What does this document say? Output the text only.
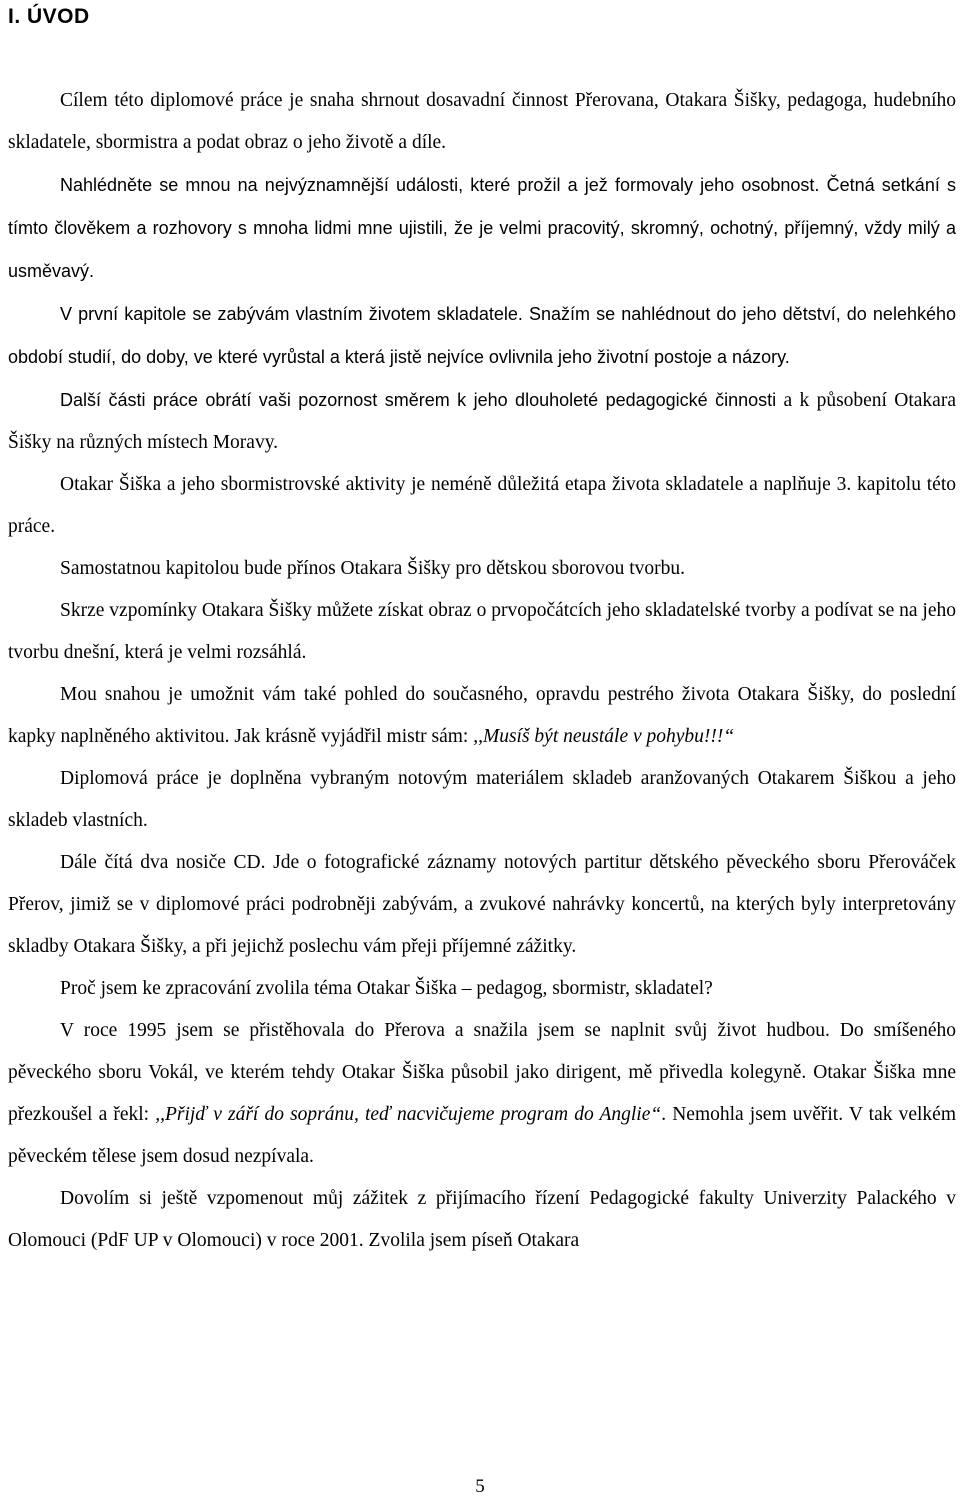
I. ÚVOD

Cílem této diplomové práce je snaha shrnout dosavadní činnost Přerovana, Otakara Šišky, pedagoga, hudebního skladatele, sbormistra a podat obraz o jeho životě a díle.

Nahlédněte se mnou na nejvýznamnější události, které prožil a jež formovaly jeho osobnost. Četná setkání s tímto člověkem a rozhovory s mnoha lidmi mne ujistili, že je velmi pracovitý, skromný, ochotný, příjemný, vždy milý a usměvavý.

V první kapitole se zabývám vlastním životem skladatele. Snažím se nahlédnout do jeho dětství, do nelehkého období studií, do doby, ve které vyrůstal a která jistě nejvíce ovlivnila jeho životní postoje a názory.

Další části práce obrátí vaši pozornost směrem k jeho dlouholeté pedagogické činnosti a k působení Otakara Šišky na různých místech Moravy.

Otakar Šiška a jeho sbormistrovské aktivity je neméně důležitá etapa života skladatele a naplňuje 3. kapitolu této práce.

Samostatnou kapitolou bude přínos Otakara Šišky pro dětskou sborovou tvorbu.

Skrze vzpomínky Otakara Šišky můžete získat obraz o prvopočátcích jeho skladatelské tvorby a podívat se na jeho tvorbu dnešní, která je velmi rozsáhlá.

Mou snahou je umožnit vám také pohled do současného, opravdu pestrého života Otakara Šišky, do poslední kapky naplněného aktivitou. Jak krásně vyjádřil mistr sám: ,,Musíš být neustále v pohybu!!!“

Diplomová práce je doplněna vybraným notovým materiálem skladeb aranžovaných Otakarem Šiškou a jeho skladeb vlastních.

Dále čítá dva nosiče CD. Jde o fotografické záznamy notových partitur dětského pěveckého sboru Přerováček Přerov, jimiž se v diplomové práci podrobněji zabývám, a zvukové nahrávky koncertů, na kterých byly interpretovány skladby Otakara Šišky, a při jejichž poslechu vám přeji příjemné zážitky.

Proč jsem ke zpracování zvolila téma Otakar Šiška – pedagog, sbormistr, skladatel?

V roce 1995 jsem se přistěhovala do Přerova a snažila jsem se naplnit svůj život hudbou. Do smíšeného pěveckého sboru Vokál, ve kterém tehdy Otakar Šiška působil jako dirigent, mě přivedla kolegyně. Otakar Šiška mne přezkoušel a řekl: ,,Přijď v září do sopránu, teď nacvičujeme program do Anglie“. Nemohla jsem uvěřit. V tak velkém pěveckém tělese jsem dosud nezpívala.

Dovolím si ještě vzpomenout můj zážitek z přijímacího řízení Pedagogické fakulty Univerzity Palackého v Olomouci (PdF UP v Olomouci) v roce 2001. Zvolila jsem píseň Otakara

5
